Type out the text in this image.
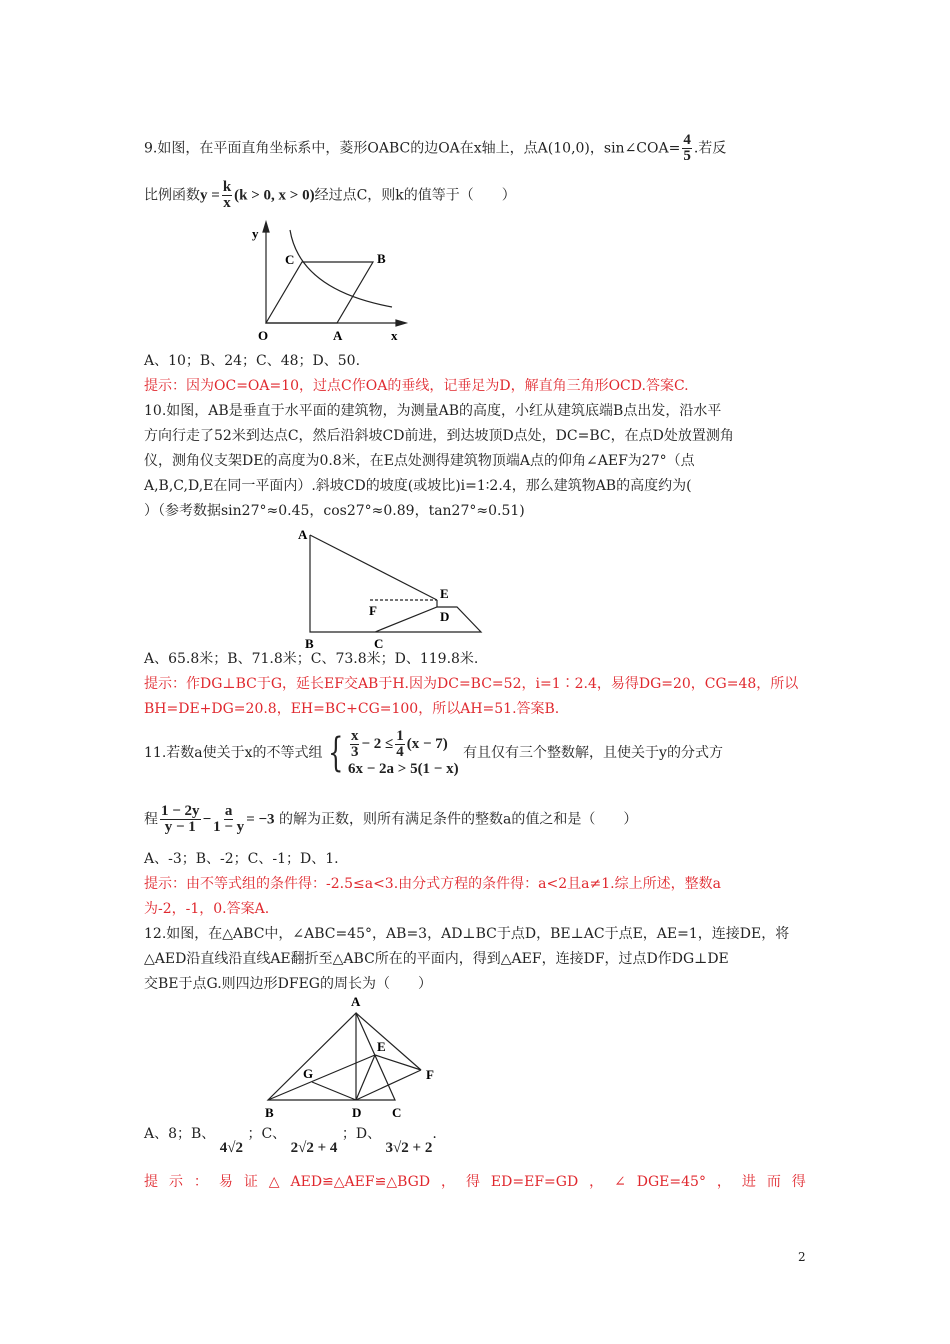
9.如图，在平面直角坐标系中，菱形OABC的边OA在x轴上，点A(10,0)，sin∠COA= $\frac{4}{5}$ .若反
比例函数$y = \frac{k}{x} (k > 0$, x > 0)经过点C，则k的值等于（　　）
y
C	B
O	A	x
A
E
F	D
B	C
A
E
F
G
B	D C
A、10；B、24；C、48；D、50.
提示：因为OC=OA=10，过点C作OA的垂线，记垂足为D，解直角三角形OCD.答案C.
10.如图，AB是垂直于水平面的建筑物，为测量AB的高度，小红从建筑底端B点出发，沿水平
方向行走了52米到达点C，然后沿斜坡CD前进，到达坡顶D点处，DC=BC，在点D处放置测角
仪，测角仪支架DE的高度为0.8米，在E点处测得建筑物顶端A点的仰角∠AEF为27°（点
A,B,C,D,E在同一平面内）.斜坡CD的坡度(或坡比)i=1∶2.4，那么建筑物AB的高度约为(
）（参考数据sin27°≈0.45，cos27°≈0.89，tan27°≈0.51)
A、65.8米；B、71.8米；C、73.8米；D、119.8米.
提示：作DG⊥BC于G，延长EF交AB于H.因为DC=BC=52，i=1∶2.4，易得DG=20，CG=48，所以
BH=DE+DG=20.8，EH=BC+CG=100，所以AH=51.答案B.
11.若数a使关于x的不等式组 { $\frac{x}{3} - 2 \le \frac{1}{4} (x - 7)$
6x − 2a > 5(1 − x)
有且仅有三个整数解，且使关于y的分式方
程 $\frac{1 - 2y}{y - 1} - \frac{a}{1 - y} = -3$ 的解为正数，则所有满足条件的整数a的值之和是（　　）
A、-3；B、-2；C、-1；D、1.
提示：由不等式组的条件得：-2.5≤a<3.由分式方程的条件得：a<2且a≠1.综上所述，整数a
为-2，-1，0.答案A.
12.如图，在△ABC中，∠ABC=45°，AB=3，AD⊥BC于点D，BE⊥AC于点E，AE=1，连接DE，将
△AED沿直线沿直线AE翻折至△ABC所在的平面内，得到△AEF，连接DF，过点D作DG⊥DE
交BE于点G.则四边形DFEG的周长为（　　）
A、8；B、 4√2 ；C、 2√2 + 4 ；D、 3√2 + 2.
提 示 ： 易 证 △ AED≌△AEF≌△BGD ， 得 ED=EF=GD ， ∠ DGE=45° ， 进 而 得
2
